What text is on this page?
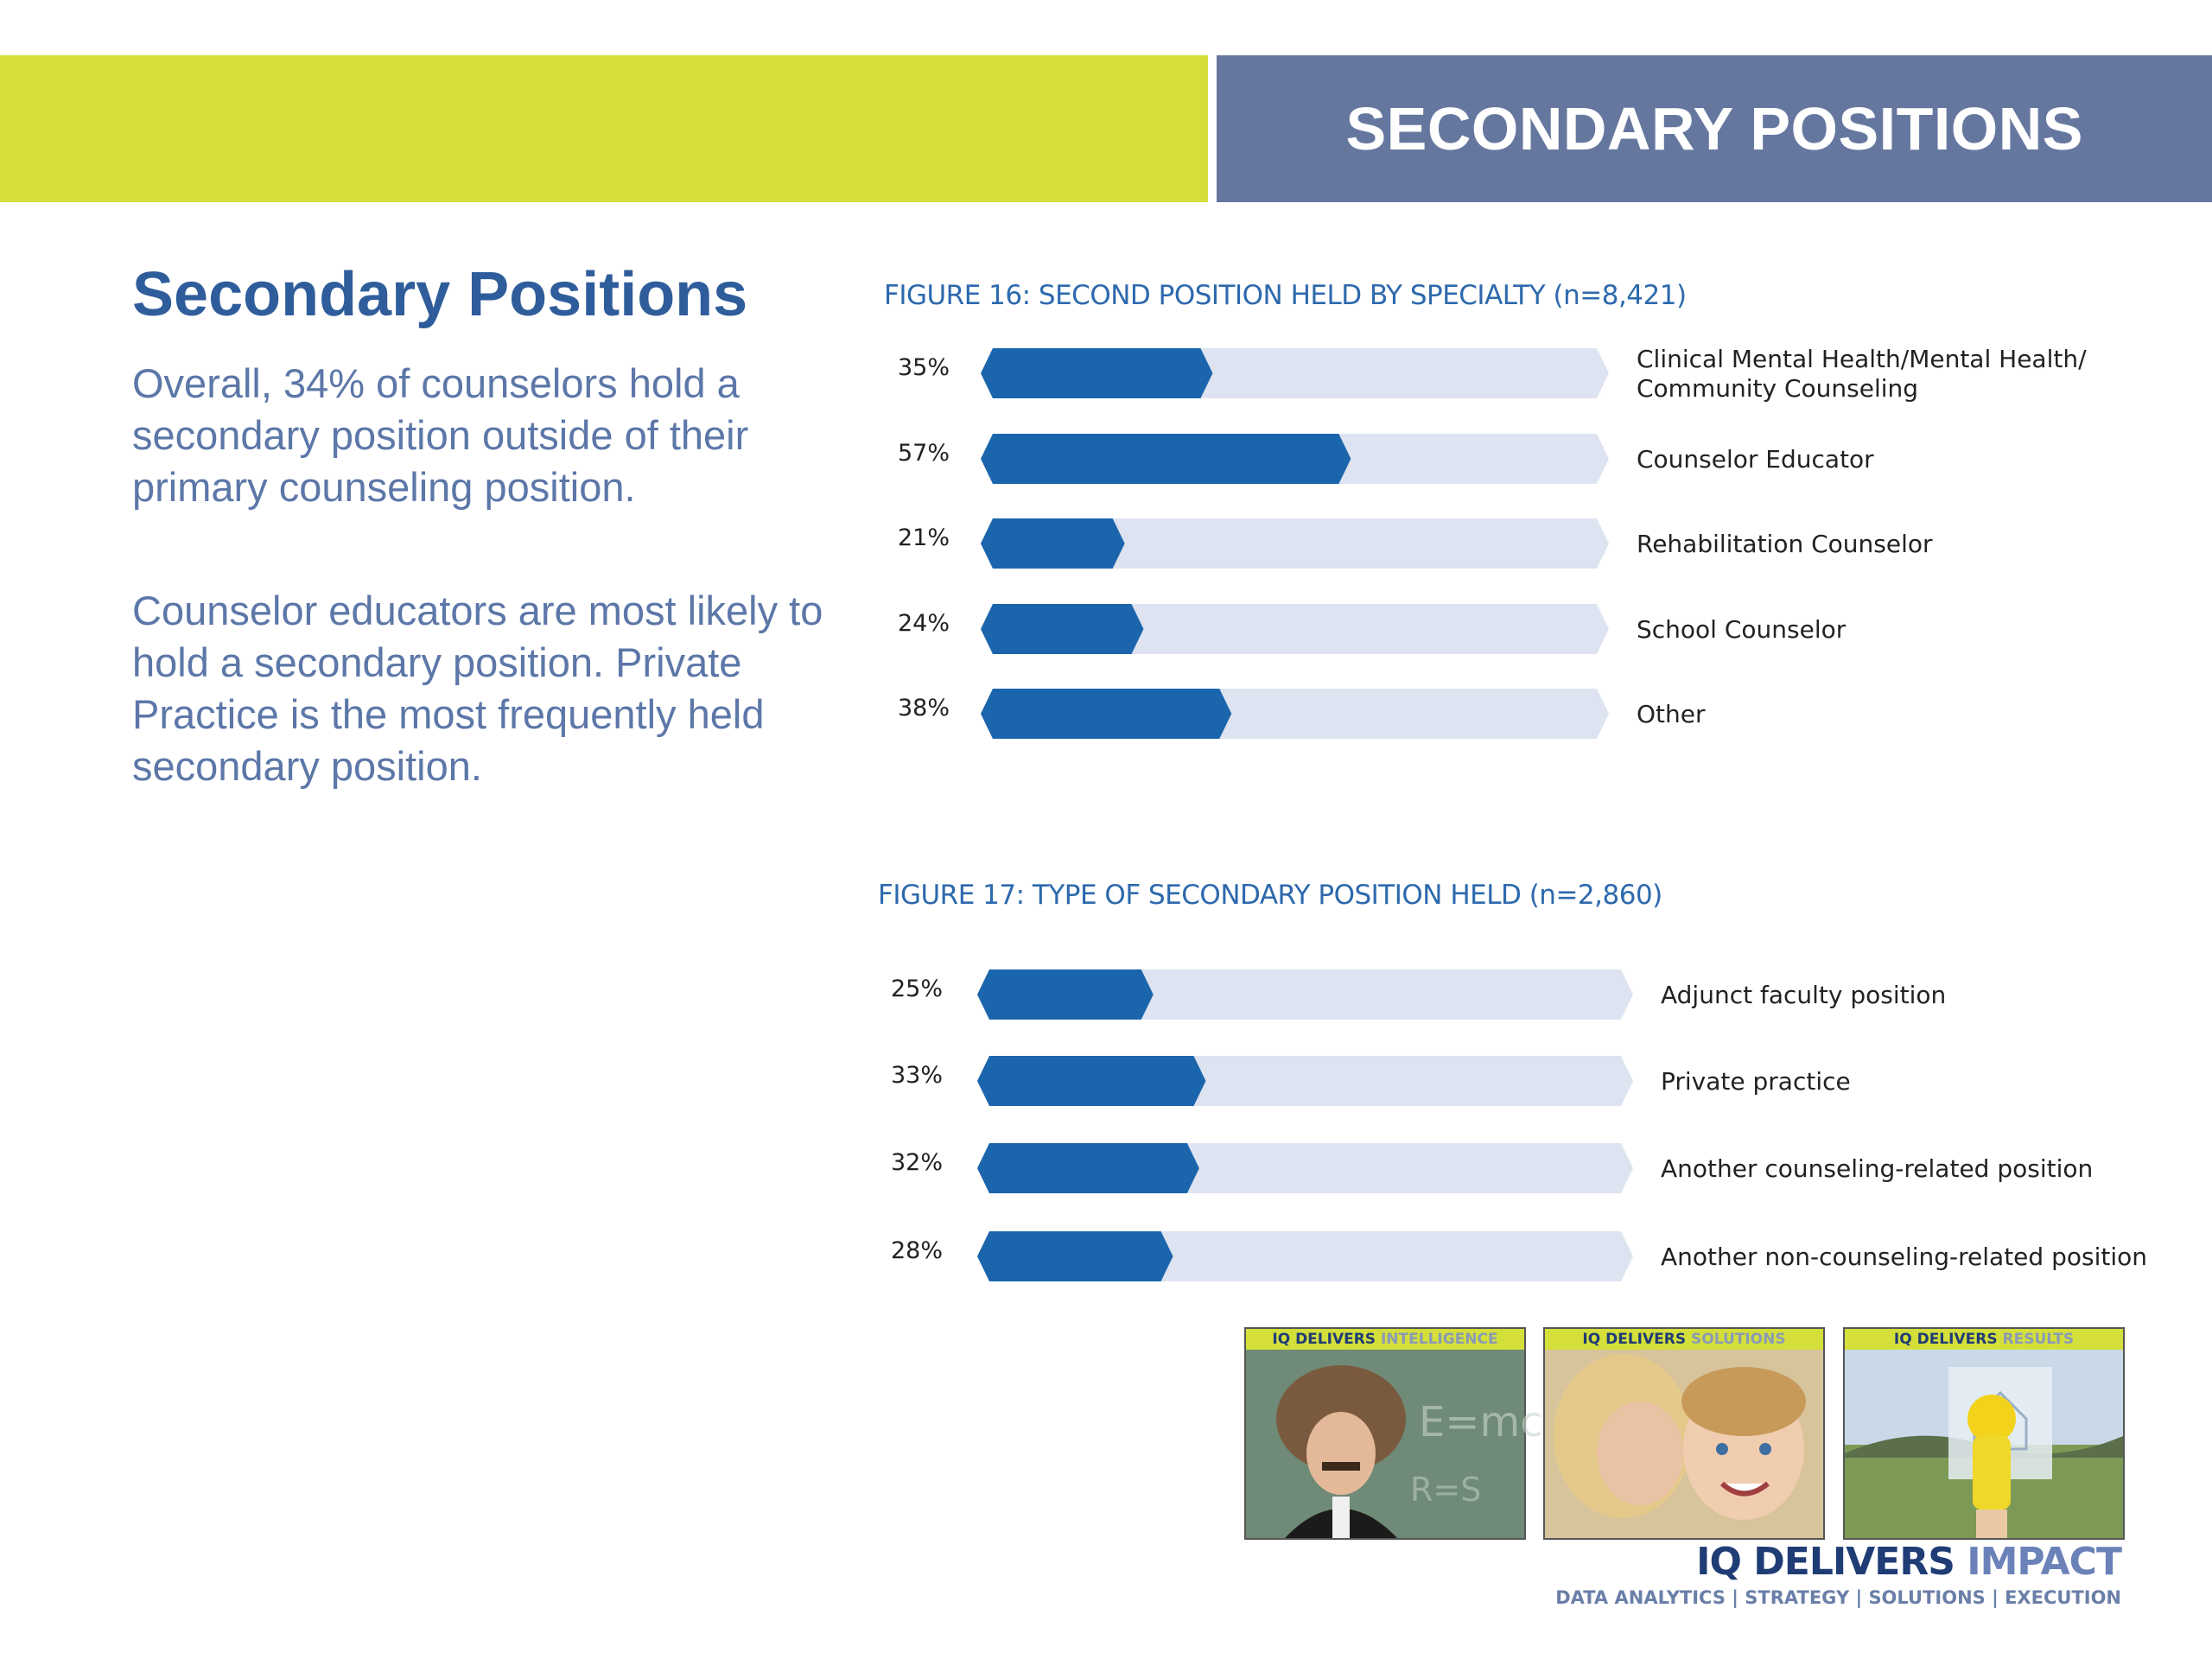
SECONDARY POSITIONS
Secondary Positions

Overall, 34% of counselors hold a secondary position outside of their primary counseling position.

Counselor educators are most likely to hold a secondary position. Private Practice is the most frequently held secondary position.

FIGURE 16: SECOND POSITION HELD BY SPECIALTY (n=8,421)
FIGURE 17: TYPE OF SECONDARY POSITION HELD (n=2,860)
35%	Clinical Mental Health/Mental Health/ Community Counseling
57%	Counselor Educator
21%	Rehabilitation Counselor
24%	School Counselor
38%	Other
25%	Adjunct faculty position
33%	Private practice
32%	Another counseling-related position
28%	Another non-counseling-related position
IQ DELIVERS INTELLIGENCE
E=mc
R=S
IQ DELIVERS SOLUTIONS	IQ DELIVERS RESULTS
IQ DELIVERS IMPACT
DATA ANALYTICS | STRATEGY | SOLUTIONS | EXECUTION
